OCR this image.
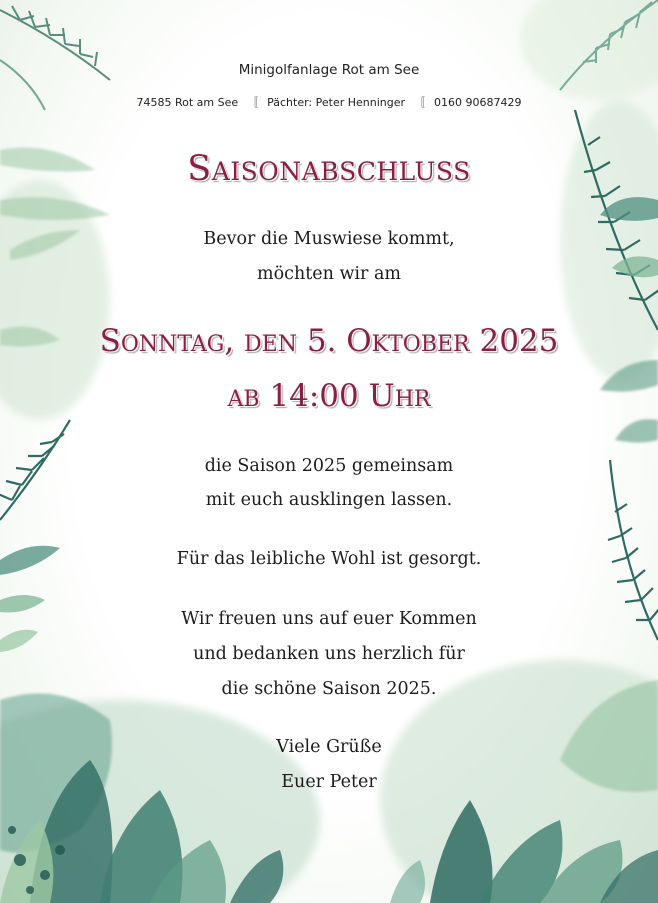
Minigolfanlage Rot am See
74585 Rot am See 〚 Pächter: Peter Henninger 〚 0160 90687429
Saisonabschluss
Bevor die Muswiese kommt,
möchten wir am
Sonntag, den 5. Oktober 2025
ab 14:00 Uhr
die Saison 2025 gemeinsam
mit euch ausklingen lassen.
Für das leibliche Wohl ist gesorgt.
Wir freuen uns auf euer Kommen
und bedanken uns herzlich für
die schöne Saison 2025.
Viele Grüße
Euer Peter
